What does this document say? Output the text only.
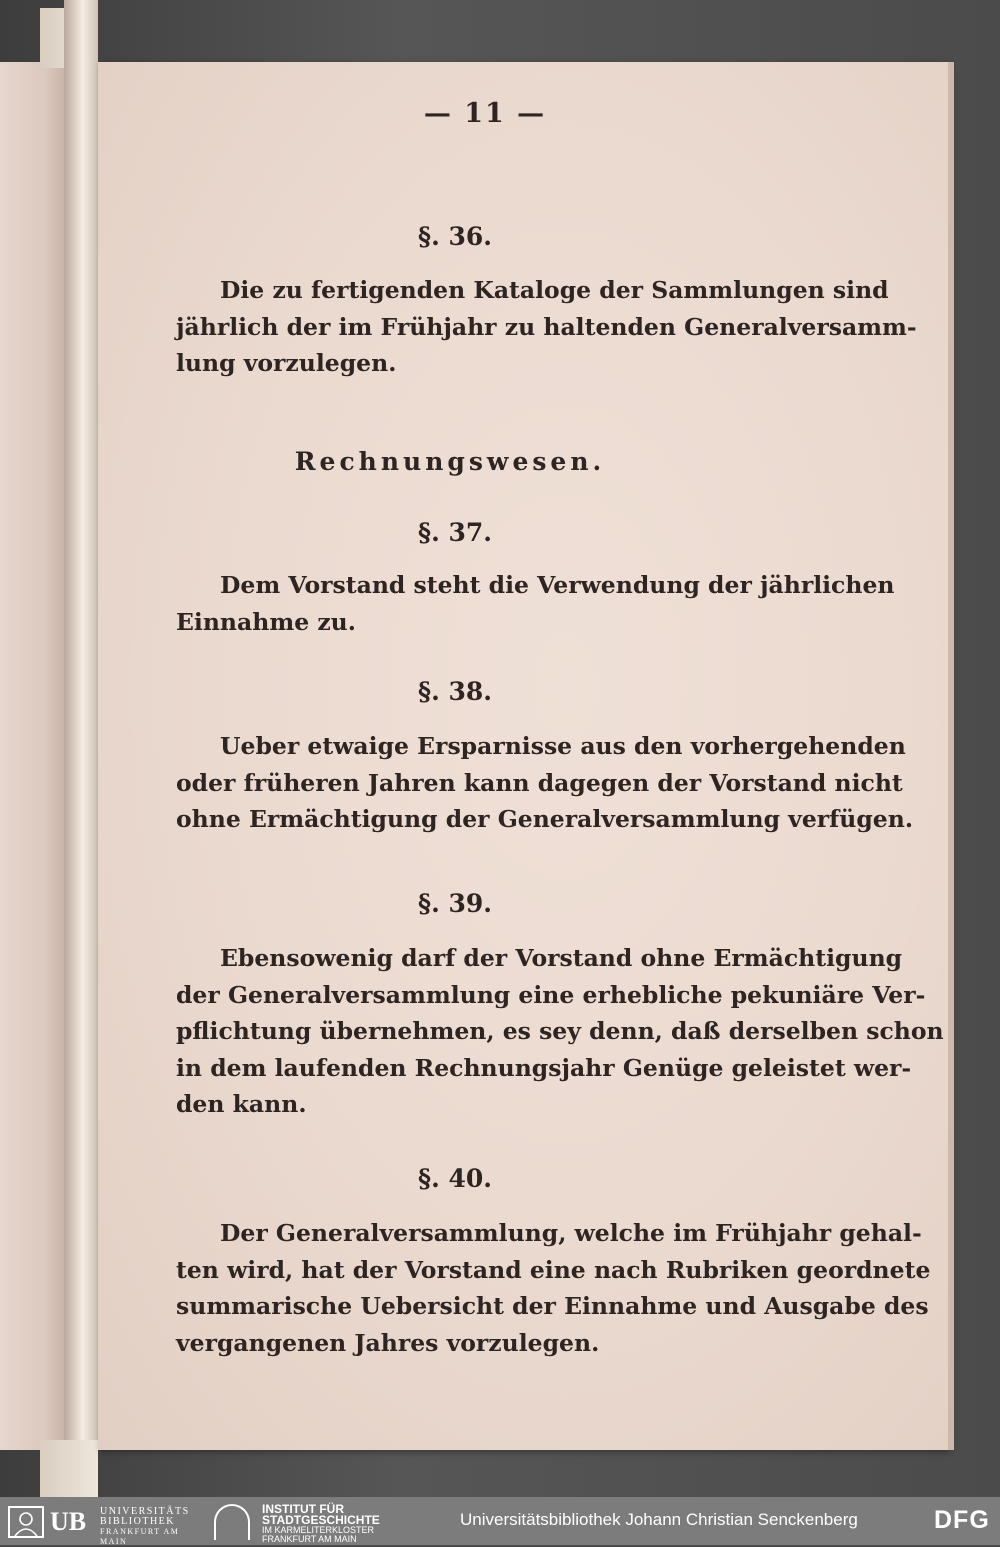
— 11 —
§. 36.
Die zu fertigenden Kataloge der Sammlungen sind
jährlich der im Frühjahr zu haltenden Generalversamm-
lung vorzulegen.
Rechnungswesen.
§. 37.
Dem Vorstand steht die Verwendung der jährlichen
Einnahme zu.
§. 38.
Ueber etwaige Ersparnisse aus den vorhergehenden
oder früheren Jahren kann dagegen der Vorstand nicht
ohne Ermächtigung der Generalversammlung verfügen.
§. 39.
Ebensowenig darf der Vorstand ohne Ermächtigung
der Generalversammlung eine erhebliche pekuniäre Ver-
pflichtung übernehmen, es sey denn, daß derselben schon
in dem laufenden Rechnungsjahr Genüge geleistet wer-
den kann.
§. 40.
Der Generalversammlung, welche im Frühjahr gehal-
ten wird, hat der Vorstand eine nach Rubriken geordnete
summarische Uebersicht der Einnahme und Ausgabe des
vergangenen Jahres vorzulegen.
UB UNIVERSITÄTS
BIBLIOTHEK
FRANKFURT AM MAIN
INSTITUT FÜR
STADTGESCHICHTE
IM KARMELITERKLOSTER
FRANKFURT AM MAIN
Universitätsbibliothek Johann Christian Senckenberg	DFG
